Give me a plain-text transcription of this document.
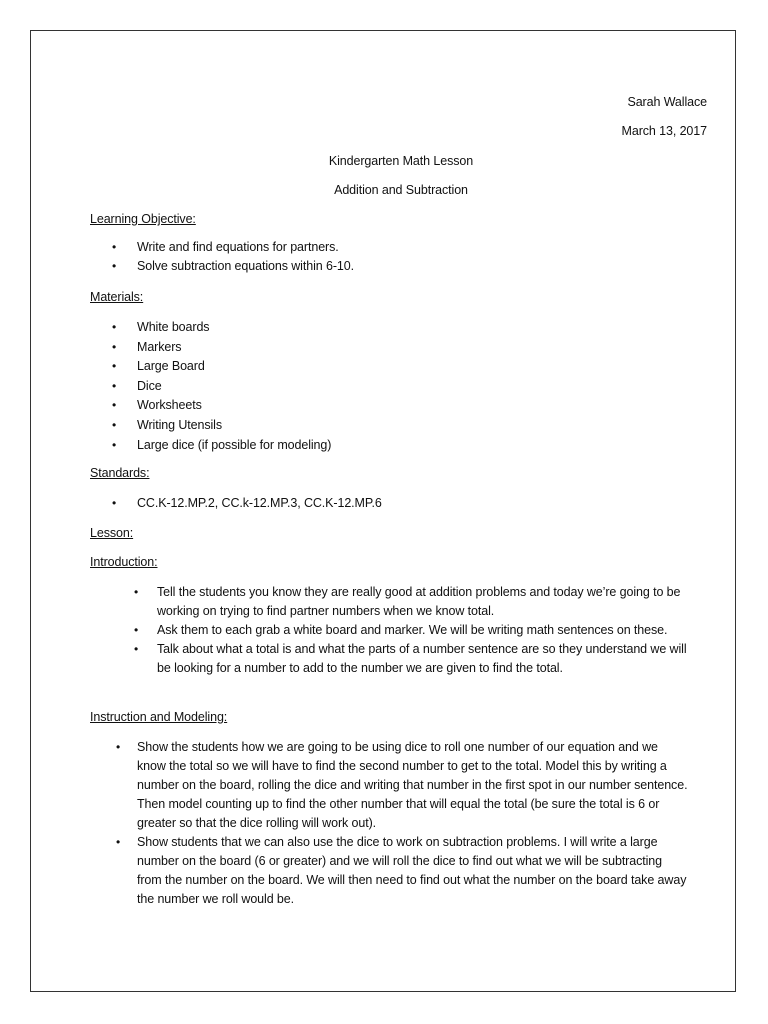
Sarah Wallace
March 13, 2017
Kindergarten Math Lesson
Addition and Subtraction
Learning Objective:
• Write and find equations for partners.
• Solve subtraction equations within 6-10.
Materials:
• White boards
• Markers
• Large Board
• Dice
• Worksheets
• Writing Utensils
• Large dice (if possible for modeling)
Standards:
• CC.K-12.MP.2, CC.k-12.MP.3, CC.K-12.MP.6
Lesson:
Introduction:
• Tell the students you know they are really good at addition problems and today we’re going to be working on trying to find partner numbers when we know total.
• Ask them to each grab a white board and marker. We will be writing math sentences on these.
• Talk about what a total is and what the parts of a number sentence are so they understand we will be looking for a number to add to the number we are given to find the total.
Instruction and Modeling:
• Show the students how we are going to be using dice to roll one number of our equation and we know the total so we will have to find the second number to get to the total. Model this by writing a number on the board, rolling the dice and writing that number in the first spot in our number sentence. Then model counting up to find the other number that will equal the total (be sure the total is 6 or greater so that the dice rolling will work out).
• Show students that we can also use the dice to work on subtraction problems. I will write a large number on the board (6 or greater) and we will roll the dice to find out what we will be subtracting from the number on the board. We will then need to find out what the number on the board take away the number we roll would be.
